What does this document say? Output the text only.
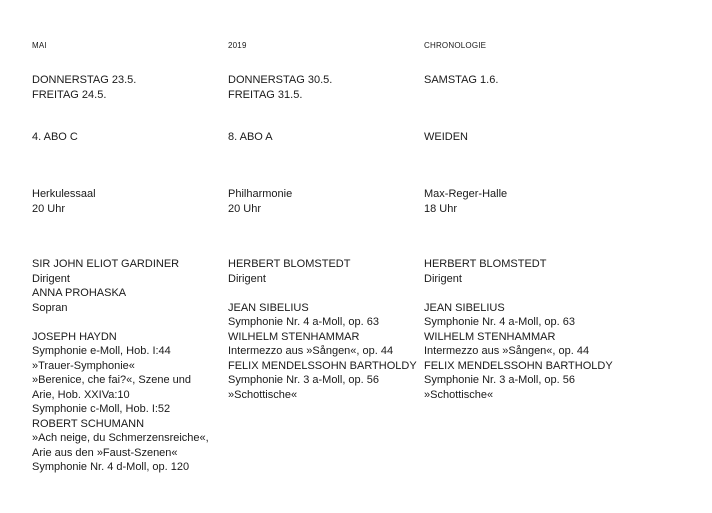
MAI
DONNERSTAG 23.5.
FREITAG 24.5.
4. ABO C
Herkulessaal
20 Uhr
SIR JOHN ELIOT GARDINER
Dirigent
ANNA PROHASKA
Sopran
JOSEPH HAYDN
Symphonie e-Moll, Hob. I:44
»Trauer-Symphonie«
»Berenice, che fai?«, Szene und
Arie, Hob. XXIVa:10
Symphonie c-Moll, Hob. I:52
ROBERT SCHUMANN
»Ach neige, du Schmerzensreiche«,
Arie aus den »Faust-Szenen«
Symphonie Nr. 4 d-Moll, op. 120
2019
DONNERSTAG 30.5.
FREITAG 31.5.
8. ABO A
Philharmonie
20 Uhr
HERBERT BLOMSTEDT
Dirigent
JEAN SIBELIUS
Symphonie Nr. 4 a-Moll, op. 63
WILHELM STENHAMMAR
Intermezzo aus »Sången«, op. 44
FELIX MENDELSSOHN BARTHOLDY
Symphonie Nr. 3 a-Moll, op. 56
»Schottische«
CHRONOLOGIE
SAMSTAG 1.6.
WEIDEN
Max-Reger-Halle
18 Uhr
HERBERT BLOMSTEDT
Dirigent
JEAN SIBELIUS
Symphonie Nr. 4 a-Moll, op. 63
WILHELM STENHAMMAR
Intermezzo aus »Sången«, op. 44
FELIX MENDELSSOHN BARTHOLDY
Symphonie Nr. 3 a-Moll, op. 56
»Schottische«
